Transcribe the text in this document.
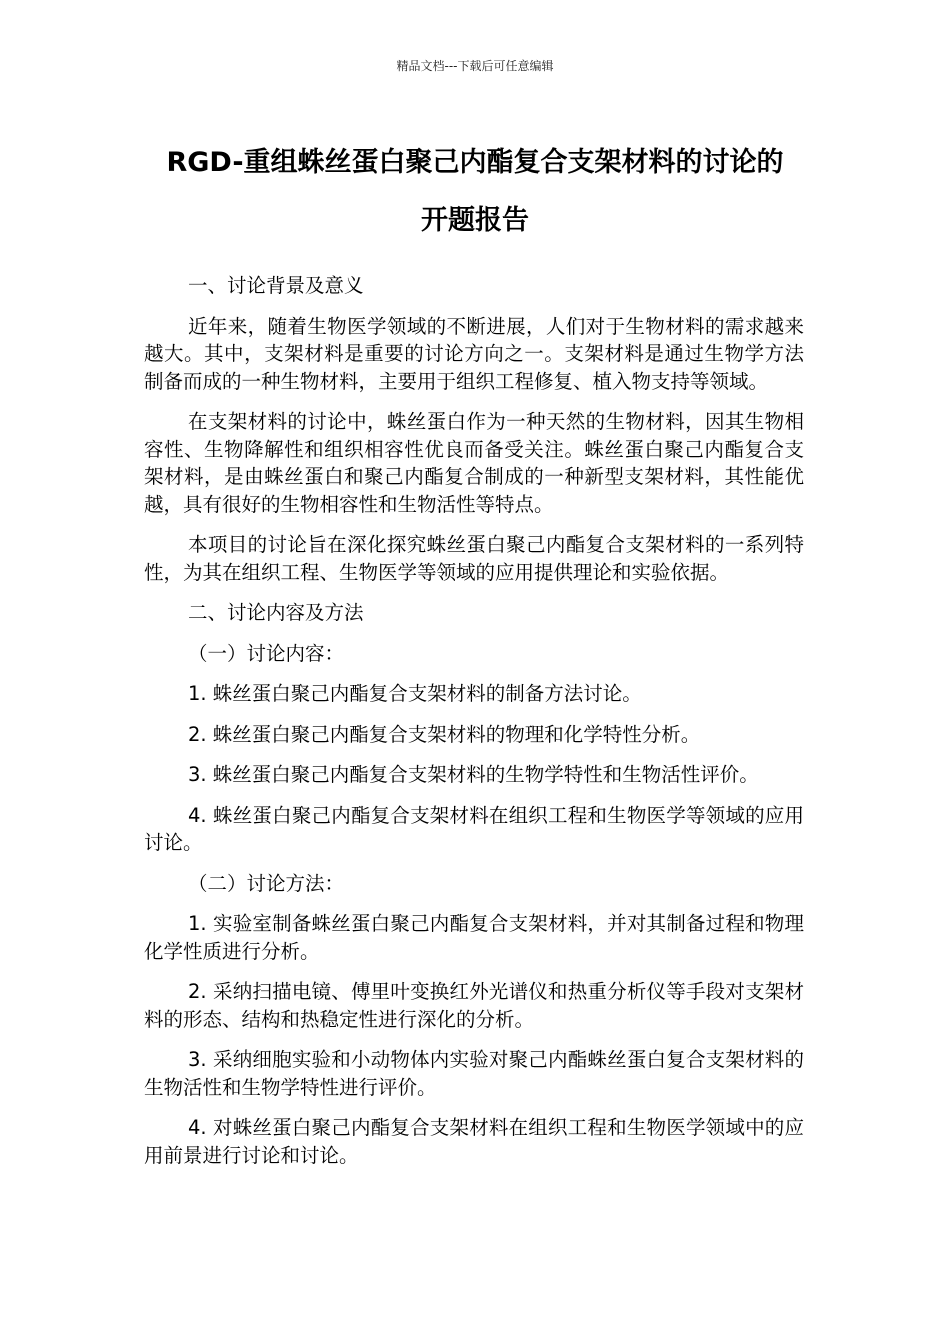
精品文档---下载后可任意编辑
RGD-重组蛛丝蛋白聚己内酯复合支架材料的讨论的
开题报告

一、讨论背景及意义

近年来，随着生物医学领域的不断进展，人们对于生物材料的需求越来越大。其中，支架材料是重要的讨论方向之一。支架材料是通过生物学方法制备而成的一种生物材料，主要用于组织工程修复、植入物支持等领域。

在支架材料的讨论中，蛛丝蛋白作为一种天然的生物材料，因其生物相容性、生物降解性和组织相容性优良而备受关注。蛛丝蛋白聚己内酯复合支架材料，是由蛛丝蛋白和聚己内酯复合制成的一种新型支架材料，其性能优越，具有很好的生物相容性和生物活性等特点。

本项目的讨论旨在深化探究蛛丝蛋白聚己内酯复合支架材料的一系列特性，为其在组织工程、生物医学等领域的应用提供理论和实验依据。

二、讨论内容及方法

（一）讨论内容：

1. 蛛丝蛋白聚己内酯复合支架材料的制备方法讨论。

2. 蛛丝蛋白聚己内酯复合支架材料的物理和化学特性分析。

3. 蛛丝蛋白聚己内酯复合支架材料的生物学特性和生物活性评价。

4. 蛛丝蛋白聚己内酯复合支架材料在组织工程和生物医学等领域的应用讨论。

（二）讨论方法：

1. 实验室制备蛛丝蛋白聚己内酯复合支架材料，并对其制备过程和物理化学性质进行分析。

2. 采纳扫描电镜、傅里叶变换红外光谱仪和热重分析仪等手段对支架材料的形态、结构和热稳定性进行深化的分析。

3. 采纳细胞实验和小动物体内实验对聚己内酯蛛丝蛋白复合支架材料的生物活性和生物学特性进行评价。

4. 对蛛丝蛋白聚己内酯复合支架材料在组织工程和生物医学领域中的应用前景进行讨论和讨论。
